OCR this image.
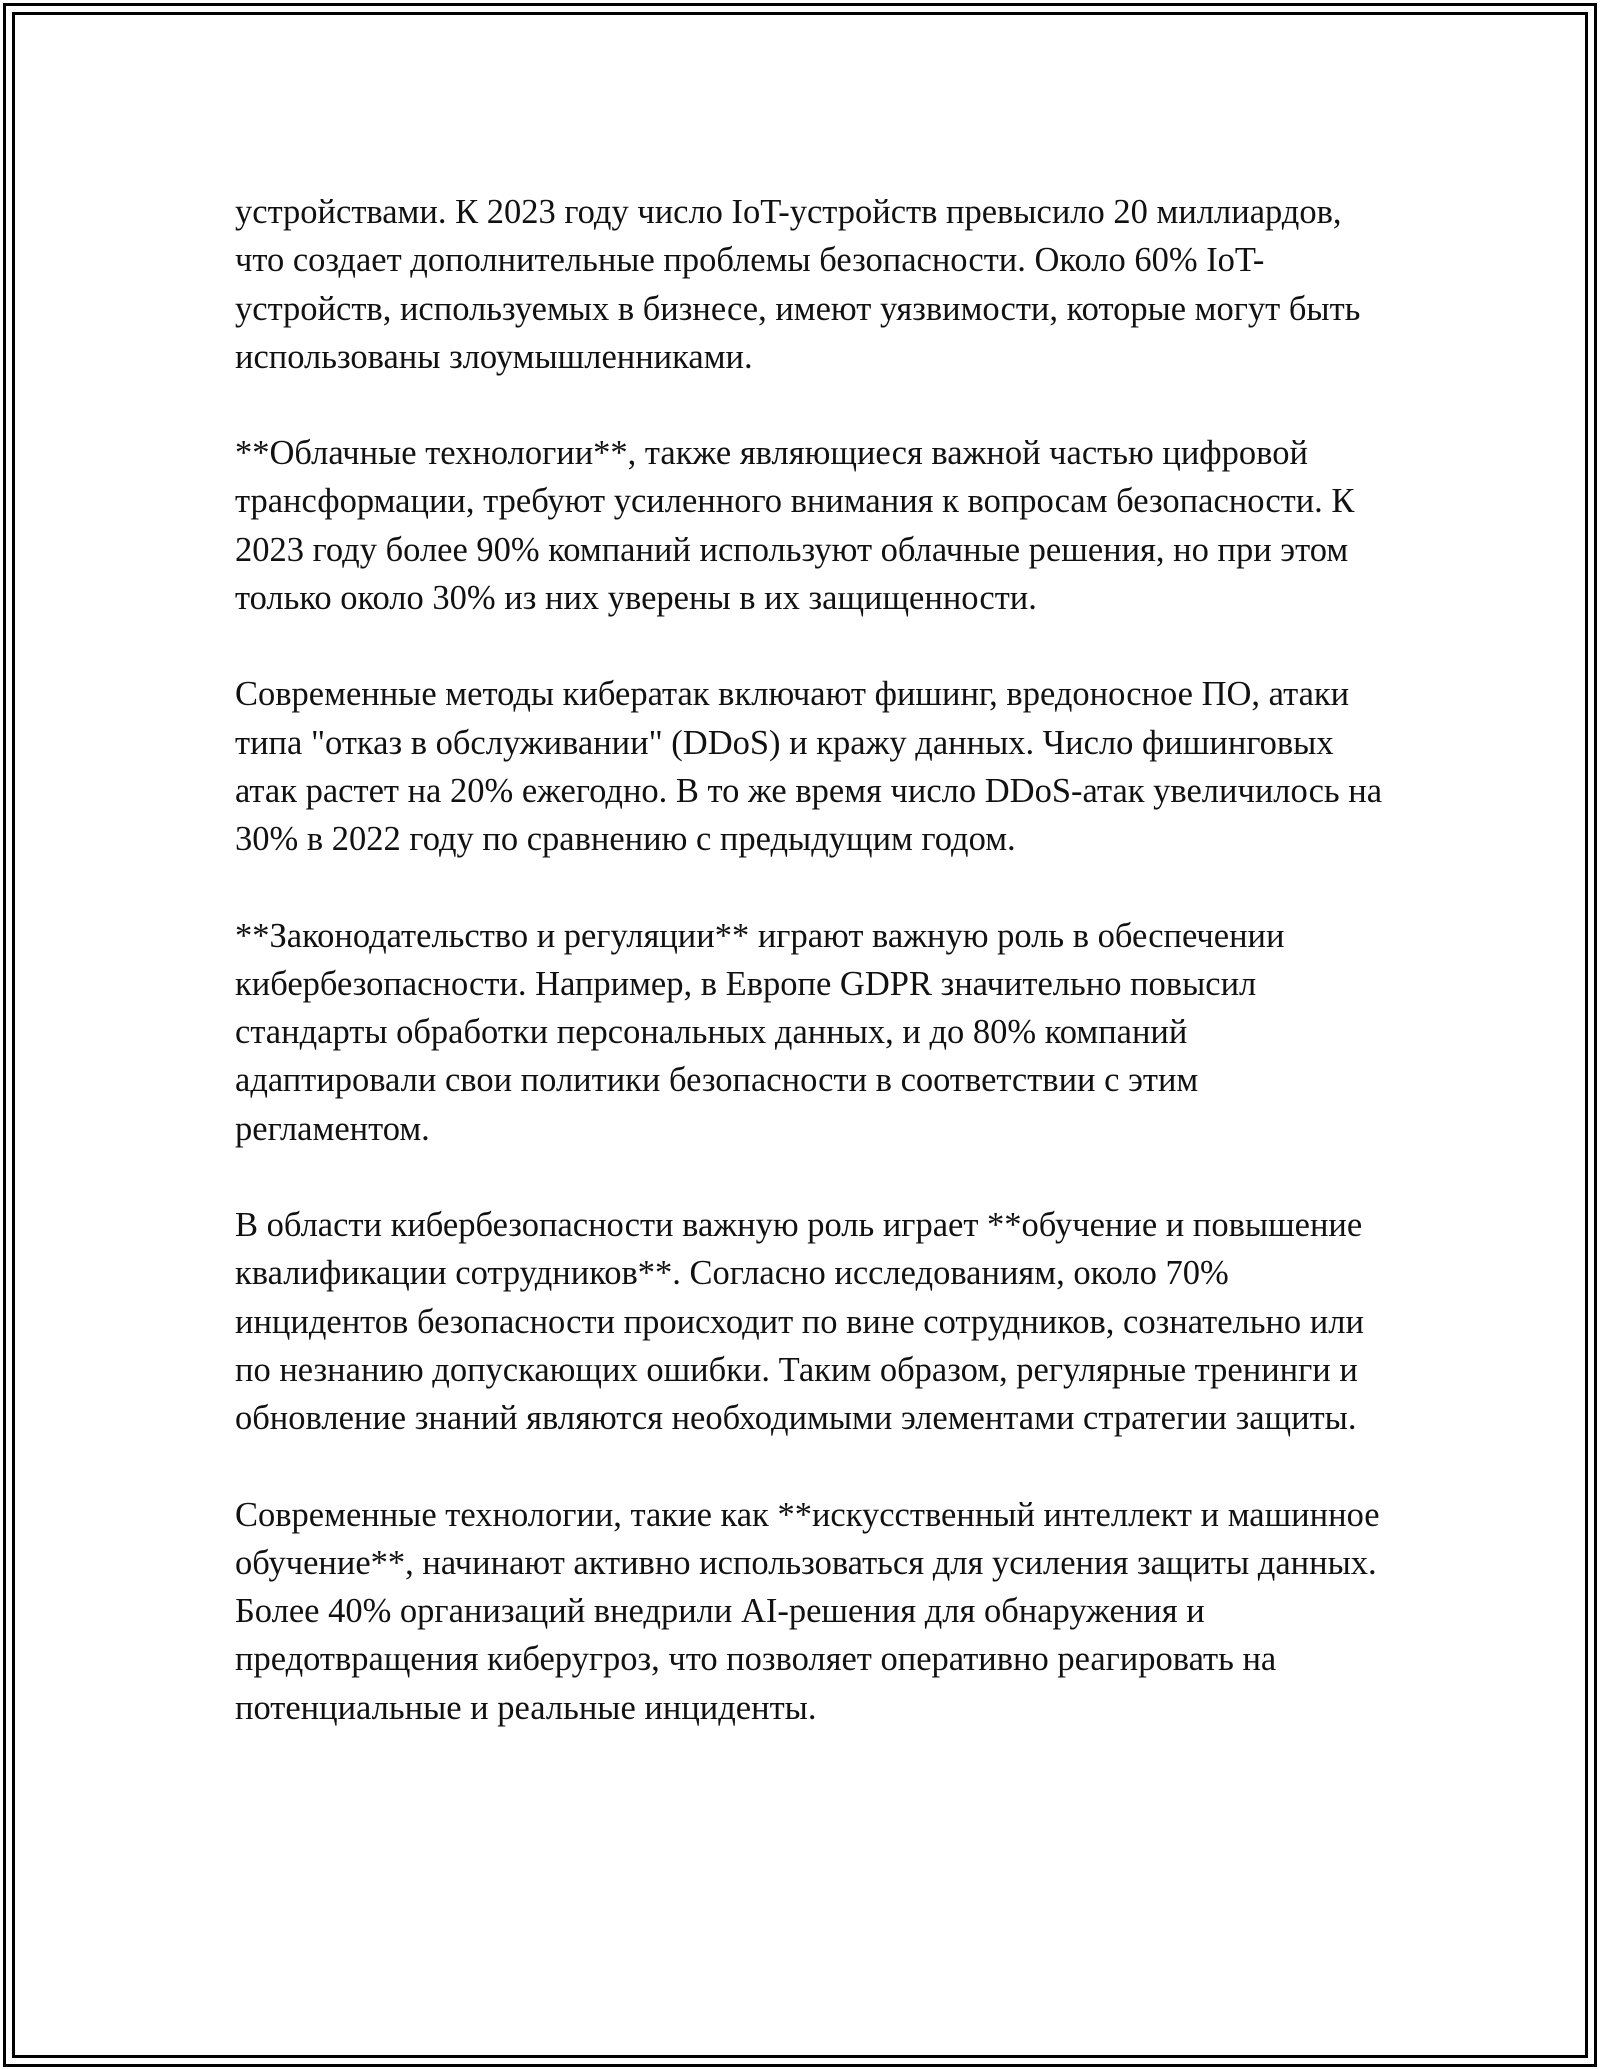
устройствами. К 2023 году число IoT-устройств превысило 20 миллиардов, что создает дополнительные проблемы безопасности. Около 60% IoT-устройств, используемых в бизнесе, имеют уязвимости, которые могут быть использованы злоумышленниками.

**Облачные технологии**, также являющиеся важной частью цифровой трансформации, требуют усиленного внимания к вопросам безопасности. К 2023 году более 90% компаний используют облачные решения, но при этом только около 30% из них уверены в их защищенности.

Современные методы кибератак включают фишинг, вредоносное ПО, атаки типа "отказ в обслуживании" (DDoS) и кражу данных. Число фишинговых атак растет на 20% ежегодно. В то же время число DDoS-атак увеличилось на 30% в 2022 году по сравнению с предыдущим годом.

**Законодательство и регуляции** играют важную роль в обеспечении кибербезопасности. Например, в Европе GDPR значительно повысил стандарты обработки персональных данных, и до 80% компаний адаптировали свои политики безопасности в соответствии с этим регламентом.

В области кибербезопасности важную роль играет **обучение и повышение квалификации сотрудников**. Согласно исследованиям, около 70% инцидентов безопасности происходит по вине сотрудников, сознательно или по незнанию допускающих ошибки. Таким образом, регулярные тренинги и обновление знаний являются необходимыми элементами стратегии защиты.

Современные технологии, такие как **искусственный интеллект и машинное обучение**, начинают активно использоваться для усиления защиты данных. Более 40% организаций внедрили AI-решения для обнаружения и предотвращения киберугроз, что позволяет оперативно реагировать на потенциальные и реальные инциденты.
